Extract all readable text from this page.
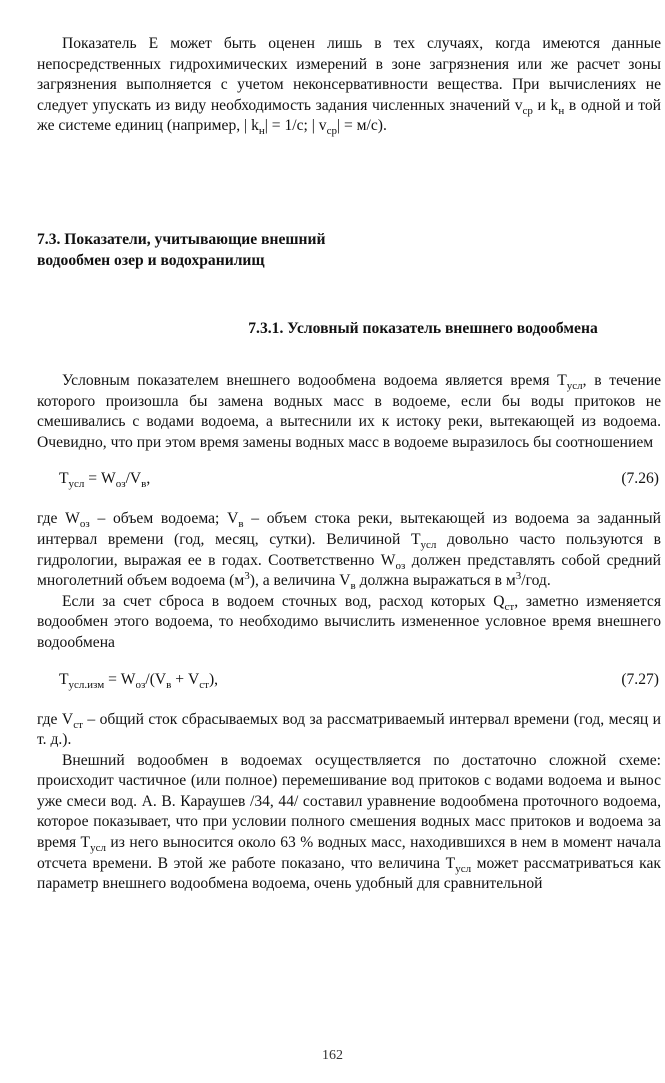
Показатель E может быть оценен лишь в тех случаях, когда имеются данные непосредственных гидрохимических измерений в зоне загрязнения или же расчет зоны загрязнения выполняется с учетом неконсервативности вещества. При вычислениях не следует упускать из виду необходимость задания численных значений $v_{ср}$ и $k_н$ в одной и той же системе единиц (например, | $k_н| = 1/с$; | $v_{ср}| = м/с$).

7.3. Показатели, учитывающие внешний
водообмен озер и водохранилищ
7.3.1. Условный показатель внешнего водообмена

Условным показателем внешнего водообмена водоема является время $T_{усл}$, в течение которого произошла бы замена водных масс в водоеме, если бы воды притоков не смешивались с водами водоема, а вытеснили их к истоку реки, вытекающей из водоема. Очевидно, что при этом время замены водных масс в водоеме выразилось бы соотношением

$T_{усл} = W_{оз}/V_в$,	(7.26)

где $W_{оз}$ – объем водоема; $V_в$ – объем стока реки, вытекающей из водоема за заданный интервал времени (год, месяц, сутки). Величиной $T_{усл}$ довольно часто пользуются в гидрологии, выражая ее в годах. Соответственно $W_{оз}$ должен представлять собой средний многолетний объем водоема $(м^3)$, а величина $V_в$ должна выражаться в $м^3$/год.

Если за счет сброса в водоем сточных вод, расход которых $Q_{ст}$, заметно изменяется водообмен этого водоема, то необходимо вычислить измененное условное время внешнего водообмена

$T_{усл.изм} = W_{оз}/(V_в + V_{ст})$,	(7.27)

где $V_{ст}$ – общий сток сбрасываемых вод за рассматриваемый интервал времени (год, месяц и т. д.).

Внешний водообмен в водоемах осуществляется по достаточно сложной схеме: происходит частичное (или полное) перемешивание вод притоков с водами водоема и вынос уже смеси вод. А. В. Караушев /34, 44/ составил уравнение водообмена проточного водоема, которое показывает, что при условии полного смешения водных масс притоков и водоема за время $T_{усл}$ из него выносится около 63 % водных масс, находившихся в нем в момент начала отсчета времени. В этой же работе показано, что величина $T_{усл}$ может рассматриваться как параметр внешнего водообмена водоема, очень удобный для сравнительной

162
